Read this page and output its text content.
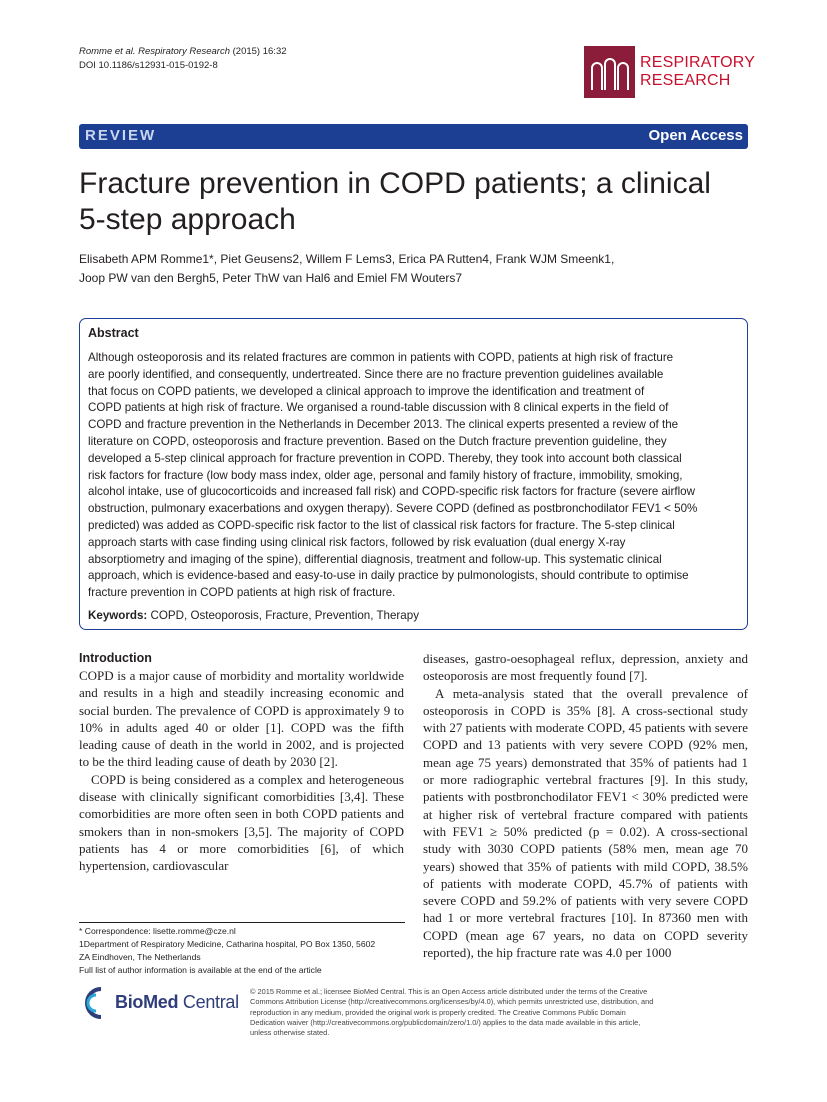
Romme et al. Respiratory Research (2015) 16:32
DOI 10.1186/s12931-015-0192-8	RESPIRATORY
RESEARCH
REVIEW	Open Access
Fracture prevention in COPD patients; a clinical
5-step approach
Elisabeth APM Romme1*, Piet Geusens2, Willem F Lems3, Erica PA Rutten4, Frank WJM Smeenk1,
Joop PW van den Bergh5, Peter ThW van Hal6 and Emiel FM Wouters7
Abstract
Although osteoporosis and its related fractures are common in patients with COPD, patients at high risk of fracture
are poorly identified, and consequently, undertreated. Since there are no fracture prevention guidelines available
that focus on COPD patients, we developed a clinical approach to improve the identification and treatment of
COPD patients at high risk of fracture. We organised a round-table discussion with 8 clinical experts in the field of
COPD and fracture prevention in the Netherlands in December 2013. The clinical experts presented a review of the
literature on COPD, osteoporosis and fracture prevention. Based on the Dutch fracture prevention guideline, they
developed a 5-step clinical approach for fracture prevention in COPD. Thereby, they took into account both classical
risk factors for fracture (low body mass index, older age, personal and family history of fracture, immobility, smoking,
alcohol intake, use of glucocorticoids and increased fall risk) and COPD-specific risk factors for fracture (severe airflow
obstruction, pulmonary exacerbations and oxygen therapy). Severe COPD (defined as postbronchodilator FEV1 < 50%
predicted) was added as COPD-specific risk factor to the list of classical risk factors for fracture. The 5-step clinical
approach starts with case finding using clinical risk factors, followed by risk evaluation (dual energy X-ray
absorptiometry and imaging of the spine), differential diagnosis, treatment and follow-up. This systematic clinical
approach, which is evidence-based and easy-to-use in daily practice by pulmonologists, should contribute to optimise
fracture prevention in COPD patients at high risk of fracture.
Keywords: COPD, Osteoporosis, Fracture, Prevention, Therapy
Introduction

COPD is a major cause of morbidity and mortality worldwide and results in a high and steadily increasing economic and social burden. The prevalence of COPD is approximately 9 to 10% in adults aged 40 or older [1]. COPD was the fifth leading cause of death in the world in 2002, and is projected to be the third leading cause of death by 2030 [2].

COPD is being considered as a complex and heterogeneous disease with clinically significant comorbidities [3,4]. These comorbidities are more often seen in both COPD patients and smokers than in non-smokers [3,5]. The majority of COPD patients has 4 or more comorbidities [6], of which hypertension, cardiovascular

diseases, gastro-oesophageal reflux, depression, anxiety and osteoporosis are most frequently found [7].

A meta-analysis stated that the overall prevalence of osteoporosis in COPD is 35% [8]. A cross-sectional study with 27 patients with moderate COPD, 45 patients with severe COPD and 13 patients with very severe COPD (92% men, mean age 75 years) demonstrated that 35% of patients had 1 or more radiographic vertebral fractures [9]. In this study, patients with postbronchodilator FEV1 < 30% predicted were at higher risk of vertebral fracture compared with patients with FEV1 ≥ 50% predicted (p = 0.02). A cross-sectional study with 3030 COPD patients (58% men, mean age 70 years) showed that 35% of patients with mild COPD, 38.5% of patients with moderate COPD, 45.7% of patients with severe COPD and 59.2% of patients with very severe COPD had 1 or more vertebral fractures [10]. In 87360 men with COPD (mean age 67 years, no data on COPD severity reported), the hip fracture rate was 4.0 per 1000

* Correspondence: lisette.romme@cze.nl
1Department of Respiratory Medicine, Catharina hospital, PO Box 1350, 5602
ZA Eindhoven, The Netherlands
Full list of author information is available at the end of the article
BioMed Central
© 2015 Romme et al.; licensee BioMed Central. This is an Open Access article distributed under the terms of the Creative
Commons Attribution License (http://creativecommons.org/licenses/by/4.0), which permits unrestricted use, distribution, and
reproduction in any medium, provided the original work is properly credited. The Creative Commons Public Domain
Dedication waiver (http://creativecommons.org/publicdomain/zero/1.0/) applies to the data made available in this article,
unless otherwise stated.
